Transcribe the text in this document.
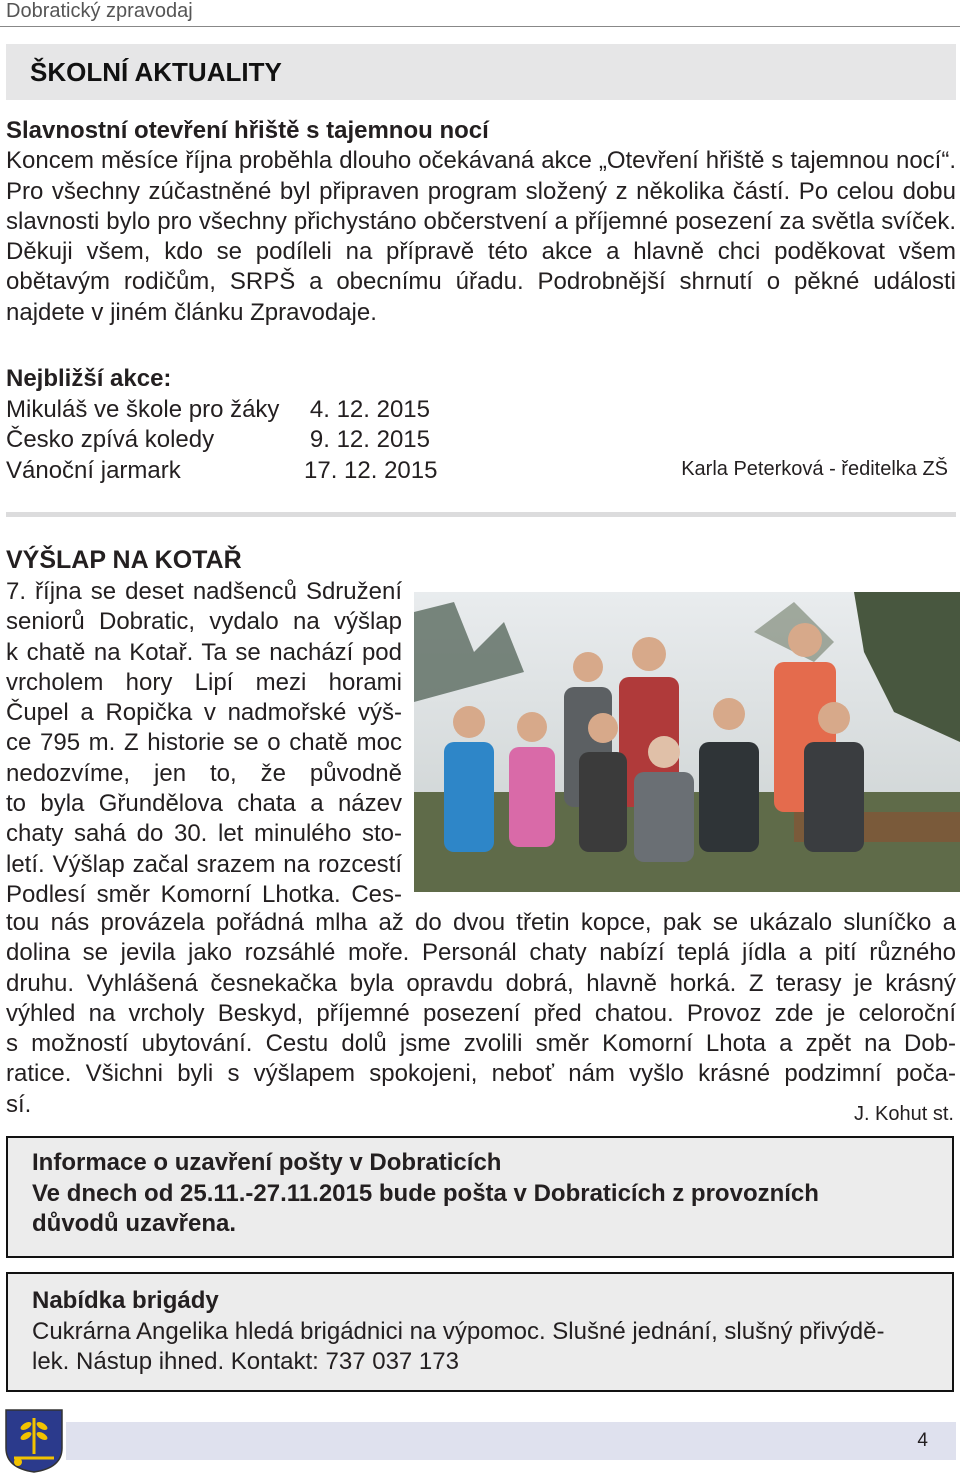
Dobratický zpravodaj
ŠKOLNÍ AKTUALITY
Slavnostní otevření hřiště s tajemnou nocí
Koncem měsíce října proběhla dlouho očekávaná akce „Otevření hřiště s tajemnou nocí“. Pro všechny zúčastněné byl připraven program složený z několika částí. Po celou dobu slavnosti bylo pro všechny přichystáno občerstvení a příjemné posezení za světla svíček. Děkuji všem, kdo se podíleli na přípravě této akce a hlavně chci poděkovat všem obětavým rodičům, SRPŠ a obecnímu úřadu. Podrobnější shrnutí o pěkné události najdete v jiném článku Zpravodaje.
Nejbližší akce:
Mikuláš ve škole pro žáky 4. 12. 2015
Česko zpívá koledy	9. 12. 2015
Vánoční jarmark	17. 12. 2015	Karla Peterková - ředitelka ZŠ
VÝŠLAP NA KOTAŘ
7. října se deset nadšenců Sdružení
seniorů Dobratic, vydalo na výšlap
k chatě na Kotař. Ta se nachází pod
vrcholem hory Lipí mezi horami
Čupel a Ropička v nadmořské výš-
ce 795 m. Z historie se o chatě moc
nedozvíme, jen to, že původně
to byla Gřundělova chata a název
chaty sahá do 30. let minulého sto-
letí. Výšlap začal srazem na rozcestí
Podlesí směr Komorní Lhotka. Ces-
tou nás provázela pořádná mlha až do dvou třetin kopce, pak se ukázalo sluníčko a
dolina se jevila jako rozsáhlé moře. Personál chaty nabízí teplá jídla a pití různého
druhu. Vyhlášená česnekačka byla opravdu dobrá, hlavně horká. Z terasy je krásný
výhled na vrcholy Beskyd, příjemné posezení před chatou. Provoz zde je celoroční
s možností ubytování. Cestu dolů jsme zvolili směr Komorní Lhota a zpět na Dob-
ratice. Všichni byli s výšlapem spokojeni, neboť nám vyšlo krásné podzimní poča-
sí.	J. Kohut st.
Informace o uzavření pošty v Dobraticích
Ve dnech od 25.11.-27.11.2015 bude pošta v Dobraticích z provozních
důvodů uzavřena.
Nabídka brigády
Cukrárna Angelika hledá brigádnici na výpomoc. Slušné jednání, slušný přivýdě-
lek. Nástup ihned. Kontakt: 737 037 173
4
